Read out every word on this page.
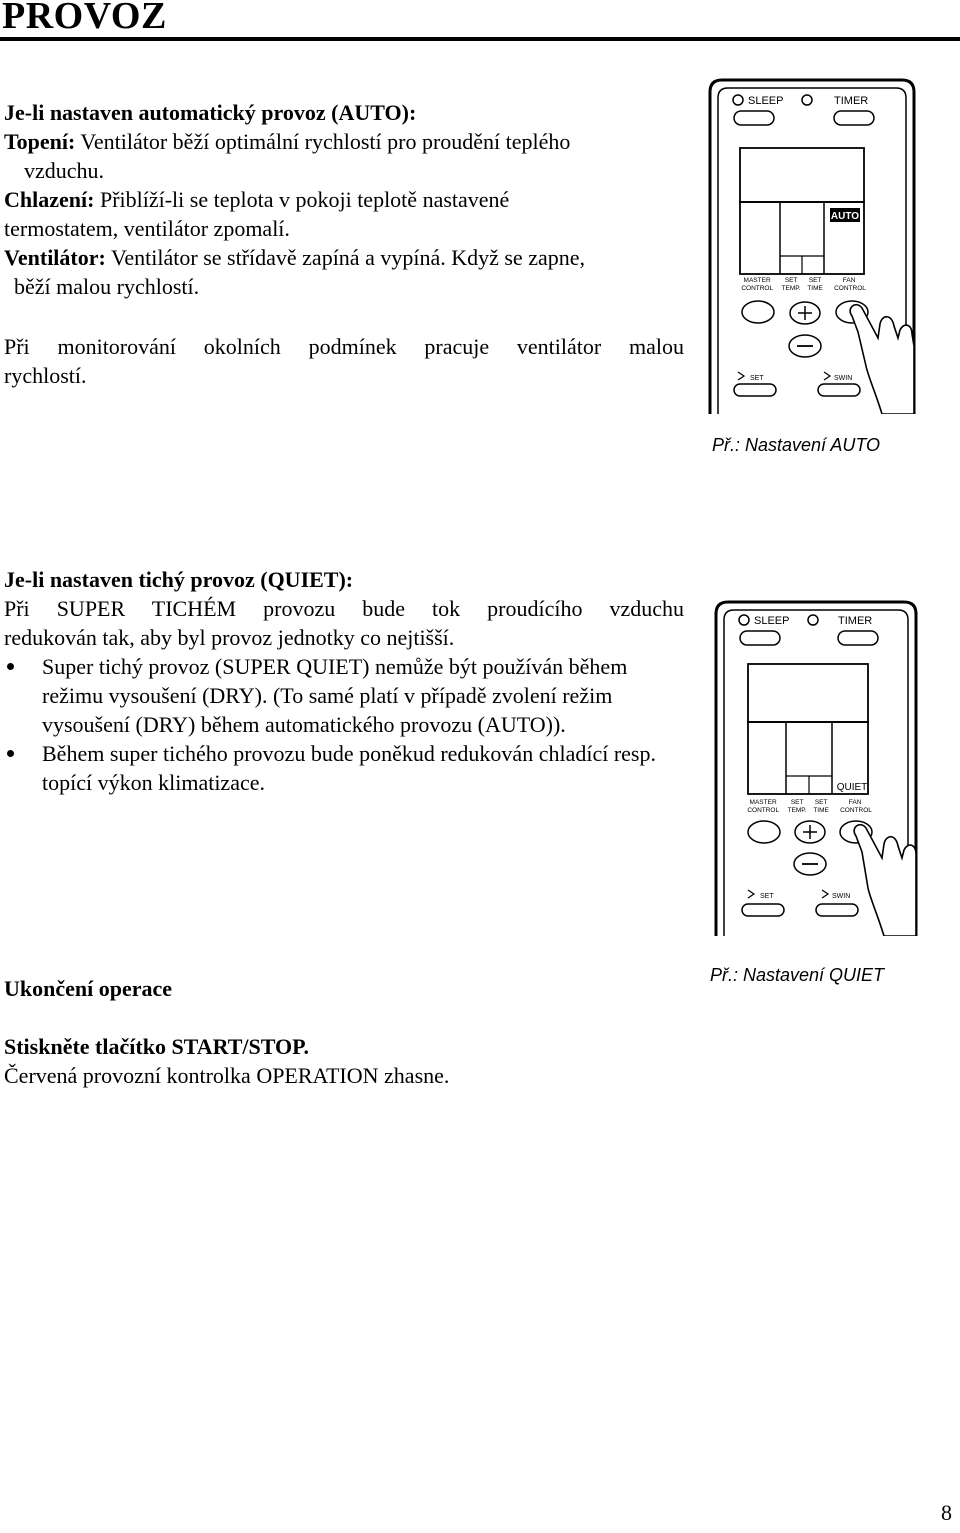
PROVOZ

Je-li nastaven automatický provoz (AUTO):

Topení: Ventilátor běží optimální rychlostí pro proudění teplého

vzduchu.

Chlazení: Přiblíží-li se teplota v pokoji teplotě nastavené

termostatem, ventilátor zpomalí.

Ventilátor: Ventilátor se střídavě zapíná a vypíná. Když se zapne,

běží malou rychlostí.

Při monitorování okolních podmínek pracuje ventilátor malou

rychlostí.

SLEEP	TIMER
AUTO
MASTER CONTROL SET TEMP. SET TIME FAN CONTROL
SET	SWIN
Př.: Nastavení AUTO

Je-li nastaven tichý provoz (QUIET):

Při SUPER TICHÉM provozu bude tok proudícího vzduchu

redukován tak, aby byl provoz jednotky co nejtišší.

Super tichý provoz (SUPER QUIET) nemůže být používán během režimu vysoušení (DRY). (To samé platí v případě zvolení režim vysoušení (DRY) během automatického provozu (AUTO)).
Během super tichého provozu bude poněkud redukován chladící resp. topící výkon klimatizace.
SLEEP	TIMER
QUIET
MASTER CONTROL SET TEMP. SET TIME FAN CONTROL
SET	SWIN
Př.: Nastavení QUIET

Ukončení operace

Stiskněte tlačítko START/STOP.

Červená provozní kontrolka OPERATION zhasne.

8
